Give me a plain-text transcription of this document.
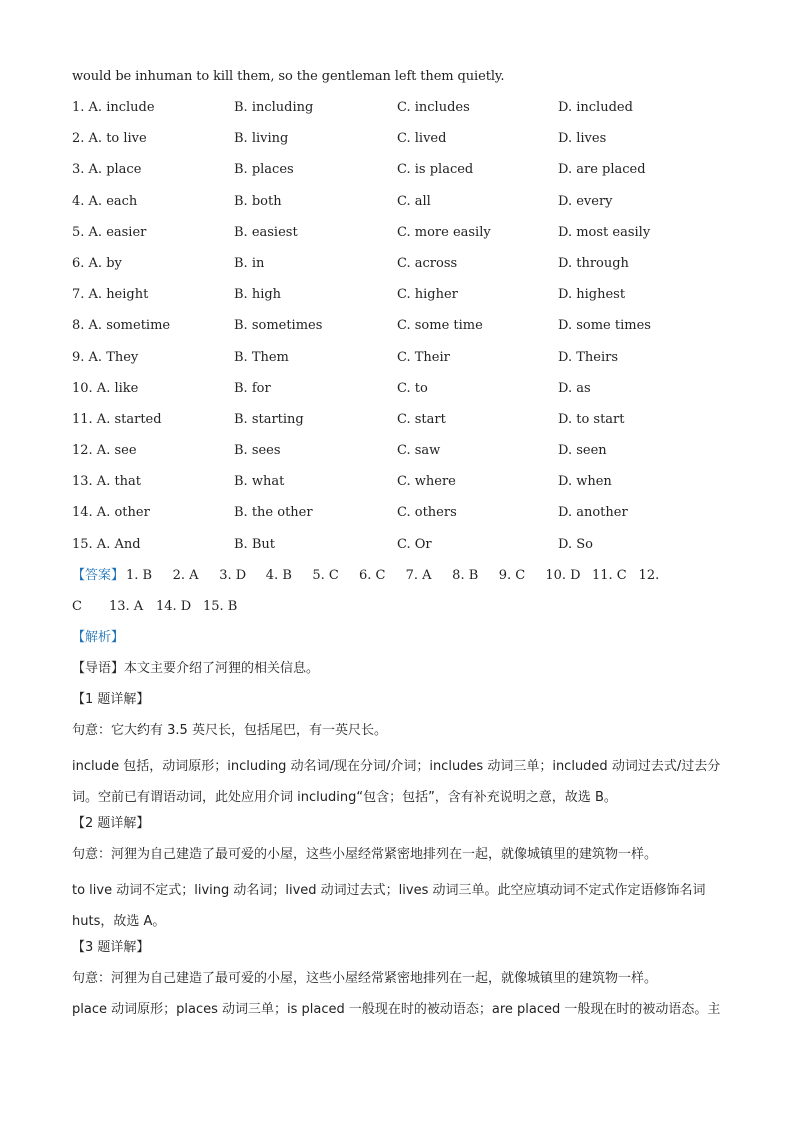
would be inhuman to kill them, so the gentleman left them quietly.
1. A. include	B. including	C. includes	D. included
2. A. to live	B. living	C. lived	D. lives
3. A. place	B. places	C. is placed	D. are placed
4. A. each	B. both	C. all	D. every
5. A. easier	B. easiest	C. more easily	D. most easily
6. A. by	B. in	C. across	D. through
7. A. height	B. high	C. higher	D. highest
8. A. sometime	B. sometimes	C. some time	D. some times
9. A. They	B. Them	C. Their	D. Theirs
10. A. like	B. for	C. to	D. as
11. A. started	B. starting	C. start	D. to start
12. A. see	B. sees	C. saw	D. seen
13. A. that	B. what	C. where	D. when
14. A. other	B. the other	C. others	D. another
15. A. And	B. But	C. Or	D. So
【答案】 1. B	2. A	3. D	4. B	5. C	6. C	7. A	8. B	9. C	10. D 11. C 12.
C	13. A 14. D 15. B
【解析】
【导语】本文主要介绍了河狸的相关信息。
【1 题详解】
句意：它大约有 3.5 英尺长，包括尾巴，有一英尺长。
include 包括，动词原形；including 动名词/现在分词/介词；includes 动词三单；included 动词过去式/过去分词。空前已有谓语动词，此处应用介词 including“包含；包括”，含有补充说明之意，故选 B。
【2 题详解】
句意：河狸为自己建造了最可爱的小屋，这些小屋经常紧密地排列在一起，就像城镇里的建筑物一样。
to live 动词不定式；living 动名词；lived 动词过去式；lives 动词三单。此空应填动词不定式作定语修饰名词 huts，故选 A。
【3 题详解】
句意：河狸为自己建造了最可爱的小屋，这些小屋经常紧密地排列在一起，就像城镇里的建筑物一样。
place 动词原形；places 动词三单；is placed 一般现在时的被动语态；are placed 一般现在时的被动语态。主
